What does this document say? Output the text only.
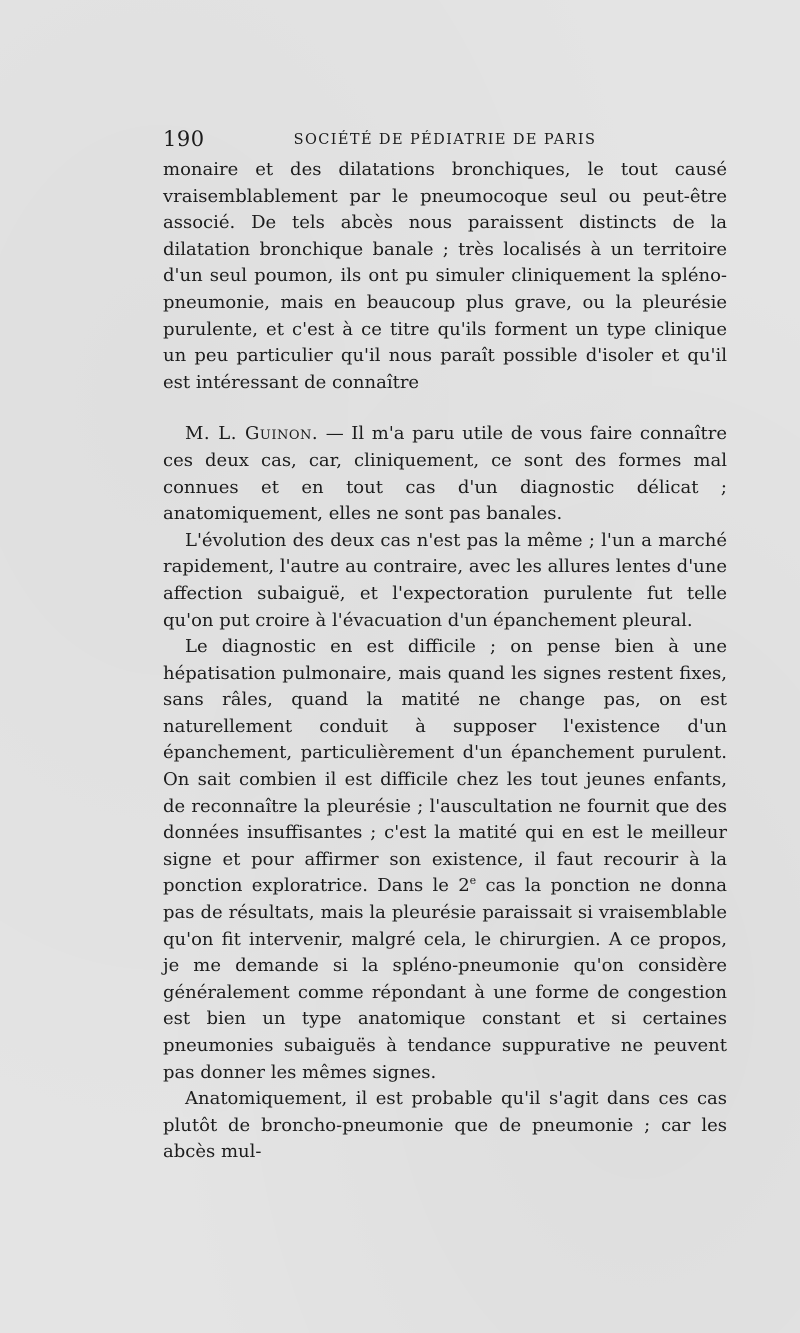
190	SOCIÉTÉ DE PÉDIATRIE DE PARIS

monaire et des dilatations bronchiques, le tout causé vraisemblablement par le pneumocoque seul ou peut-être associé. De tels abcès nous paraissent distincts de la dilatation bronchique banale ; très localisés à un territoire d'un seul poumon, ils ont pu simuler cliniquement la spléno-pneumonie, mais en beaucoup plus grave, ou la pleurésie purulente, et c'est à ce titre qu'ils forment un type clinique un peu particulier qu'il nous paraît possible d'isoler et qu'il est intéressant de connaître

M. L. Guinon. — Il m'a paru utile de vous faire connaître ces deux cas, car, cliniquement, ce sont des formes mal connues et en tout cas d'un diagnostic délicat ; anatomiquement, elles ne sont pas banales.

L'évolution des deux cas n'est pas la même ; l'un a marché rapidement, l'autre au contraire, avec les allures lentes d'une affection subaiguë, et l'expectoration purulente fut telle qu'on put croire à l'évacuation d'un épanchement pleural.

Le diagnostic en est difficile ; on pense bien à une hépatisation pulmonaire, mais quand les signes restent fixes, sans râles, quand la matité ne change pas, on est naturellement conduit à supposer l'existence d'un épanchement, particulièrement d'un épanchement purulent. On sait combien il est difficile chez les tout jeunes enfants, de reconnaître la pleurésie ; l'auscultation ne fournit que des données insuffisantes ; c'est la matité qui en est le meilleur signe et pour affirmer son existence, il faut recourir à la ponction exploratrice. Dans le 2e cas la ponction ne donna pas de résultats, mais la pleurésie paraissait si vraisemblable qu'on fit intervenir, malgré cela, le chirurgien. A ce propos, je me demande si la spléno-pneumonie qu'on considère généralement comme répondant à une forme de congestion est bien un type anatomique constant et si certaines pneumonies subaiguës à tendance suppurative ne peuvent pas donner les mêmes signes.

Anatomiquement, il est probable qu'il s'agit dans ces cas plutôt de broncho-pneumonie que de pneumonie ; car les abcès mul-
